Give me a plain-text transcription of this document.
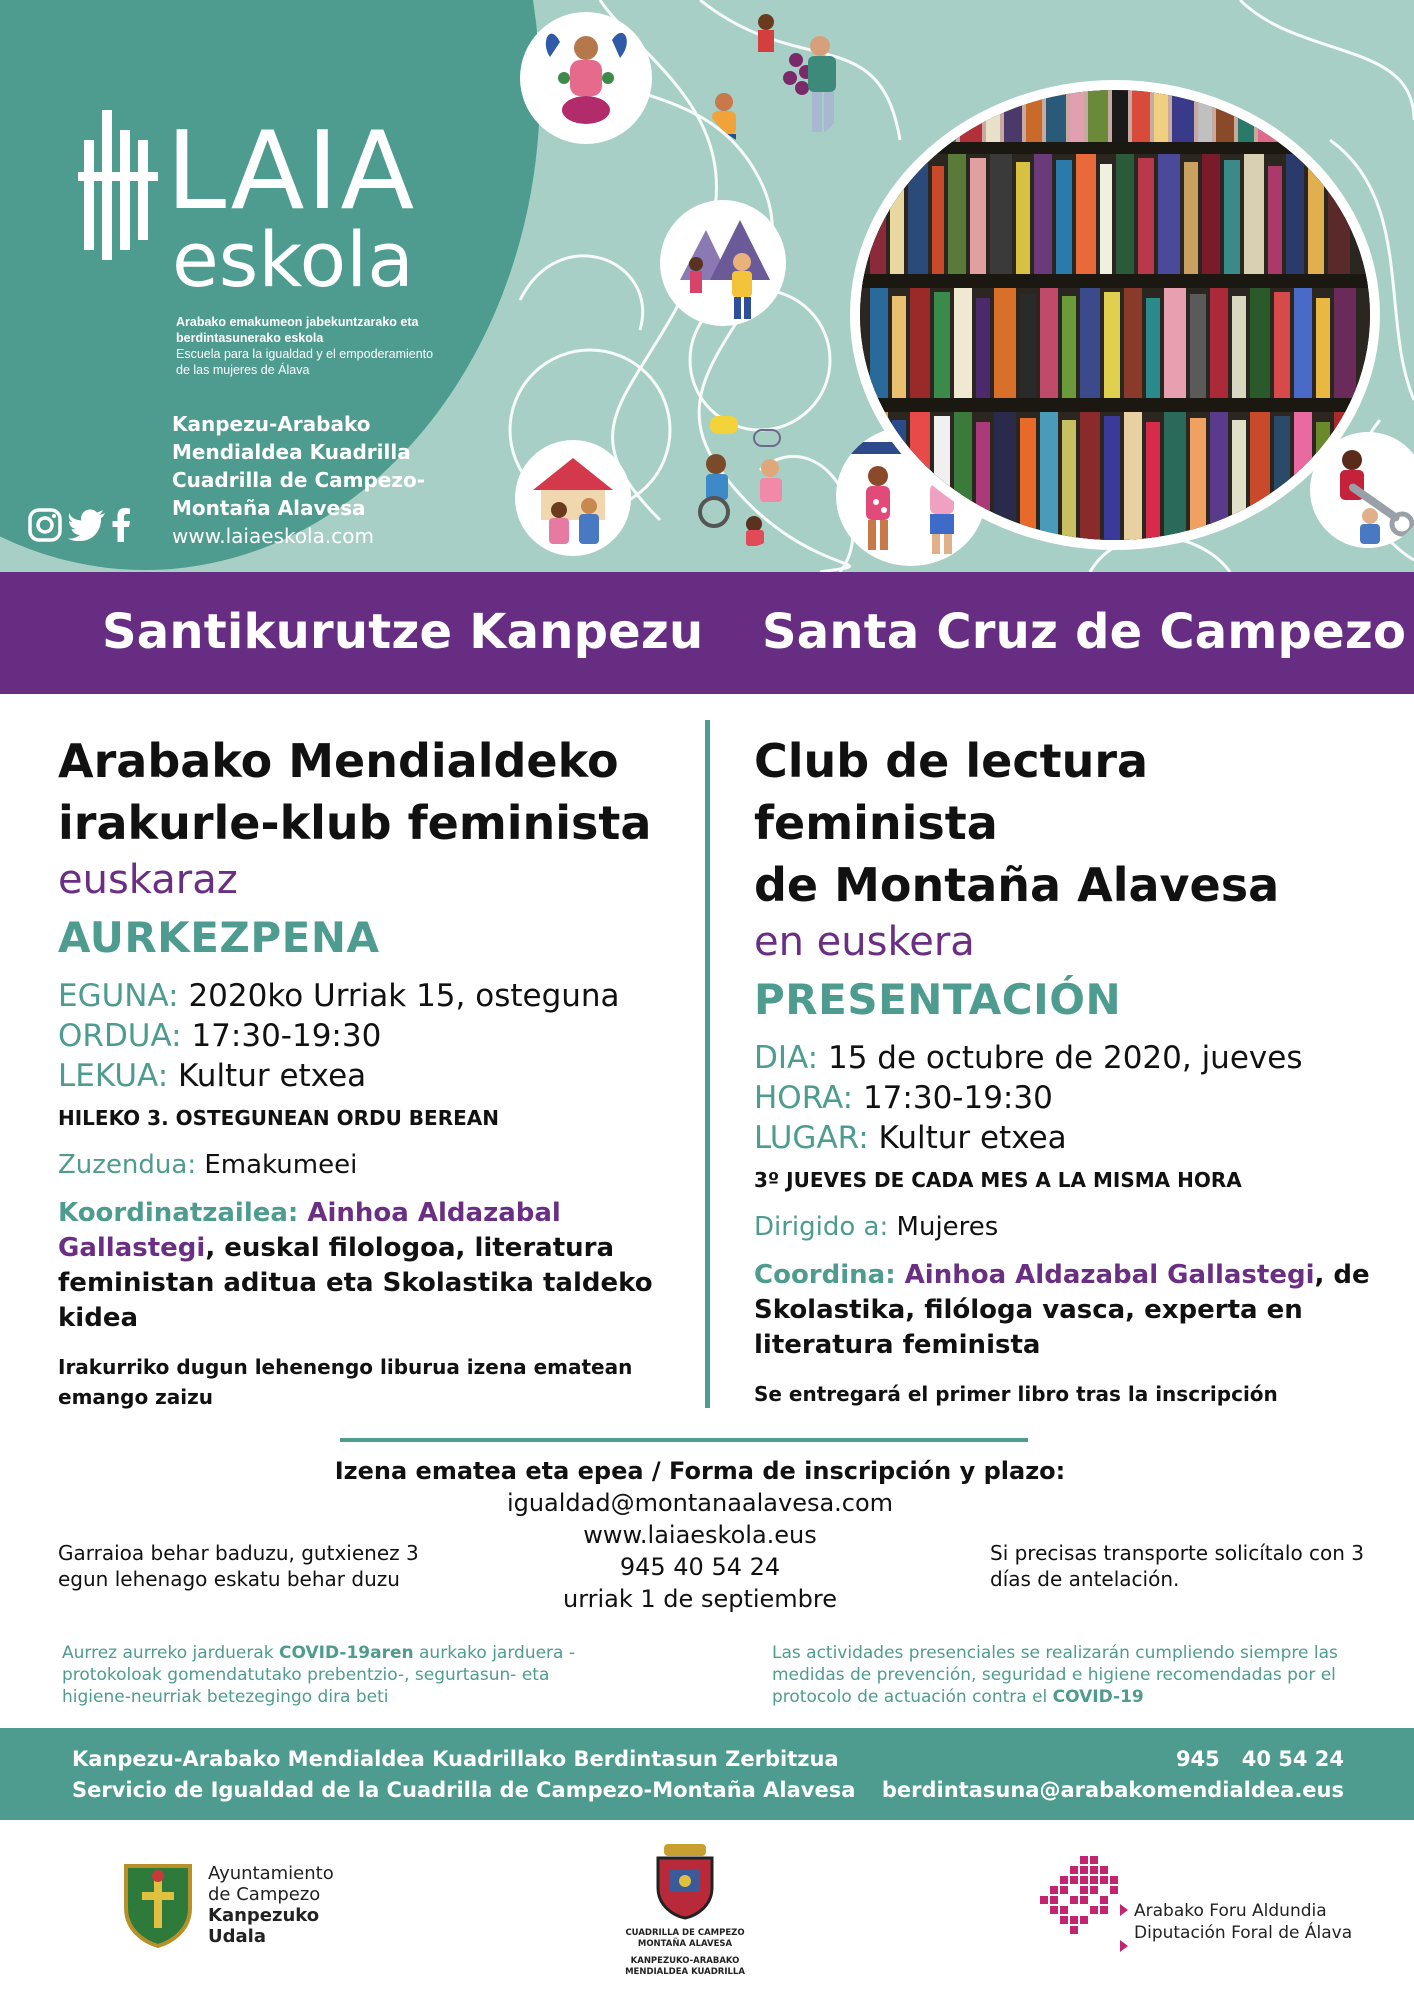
LAIA
eskola
Arabako emakumeon jabekuntzarako eta
berdintasunerako eskola
Escuela para la igualdad y el empoderamiento
de las mujeres de Álava
Kanpezu-Arabako
Mendialdea Kuadrilla
Cuadrilla de Campezo-
Montaña Alavesa
www.laiaeskola.com
Santikurutze Kanpezu Santa Cruz de Campezo
Arabako Mendialdeko
irakurle-klub feminista
euskaraz
AURKEZPENA
EGUNA: 2020ko Urriak 15, osteguna
ORDUA: 17:30-19:30
LEKUA: Kultur etxea
HILEKO 3. OSTEGUNEAN ORDU BEREAN
Zuzendua: Emakumeei
Koordinatzailea: Ainhoa Aldazabal Gallastegi, euskal filologoa, literatura feministan aditua eta Skolastika taldeko kidea
Irakurriko dugun lehenengo liburua izena ematean emango zaizu
Club de lectura feminista
de Montaña Alavesa
en euskera
PRESENTACIÓN
DIA: 15 de octubre de 2020, jueves
HORA: 17:30-19:30
LUGAR: Kultur etxea
3º JUEVES DE CADA MES A LA MISMA HORA
Dirigido a: Mujeres
Coordina: Ainhoa Aldazabal Gallastegi, de Skolastika, filóloga vasca, experta en literatura feminista
Se entregará el primer libro tras la inscripción
Izena ematea eta epea / Forma de inscripción y plazo:
igualdad@montanaalavesa.com
www.laiaeskola.eus
945 40 54 24
urriak 1 de septiembre
Garraioa behar baduzu, gutxienez 3 egun lehenago eskatu behar duzu
Si precisas transporte solicítalo con 3 días de antelación.
Aurrez aurreko jarduerak COVID-19aren aurkako jarduera -protokoloak gomendatutako prebentzio-, segurtasun- eta higiene-neurriak betezegingo dira beti
Las actividades presenciales se realizarán cumpliendo siempre las medidas de prevención, seguridad e higiene recomendadas por el protocolo de actuación contra el COVID-19
Kanpezu-Arabako Mendialdea Kuadrillako Berdintasun Zerbitzua
Servicio de Igualdad de la Cuadrilla de Campezo-Montaña Alavesa
945   40 54 24
berdintasuna@arabakomendialdea.eus
Ayuntamiento
de Campezo
Kanpezuko
Udala	CUADRILLA DE CAMPEZO
MONTAÑA ALAVESA
KANPEZUKO-ARABAKO
MENDIALDEA KUADRILLA
Arabako Foru Aldundia
Diputación Foral de Álava
